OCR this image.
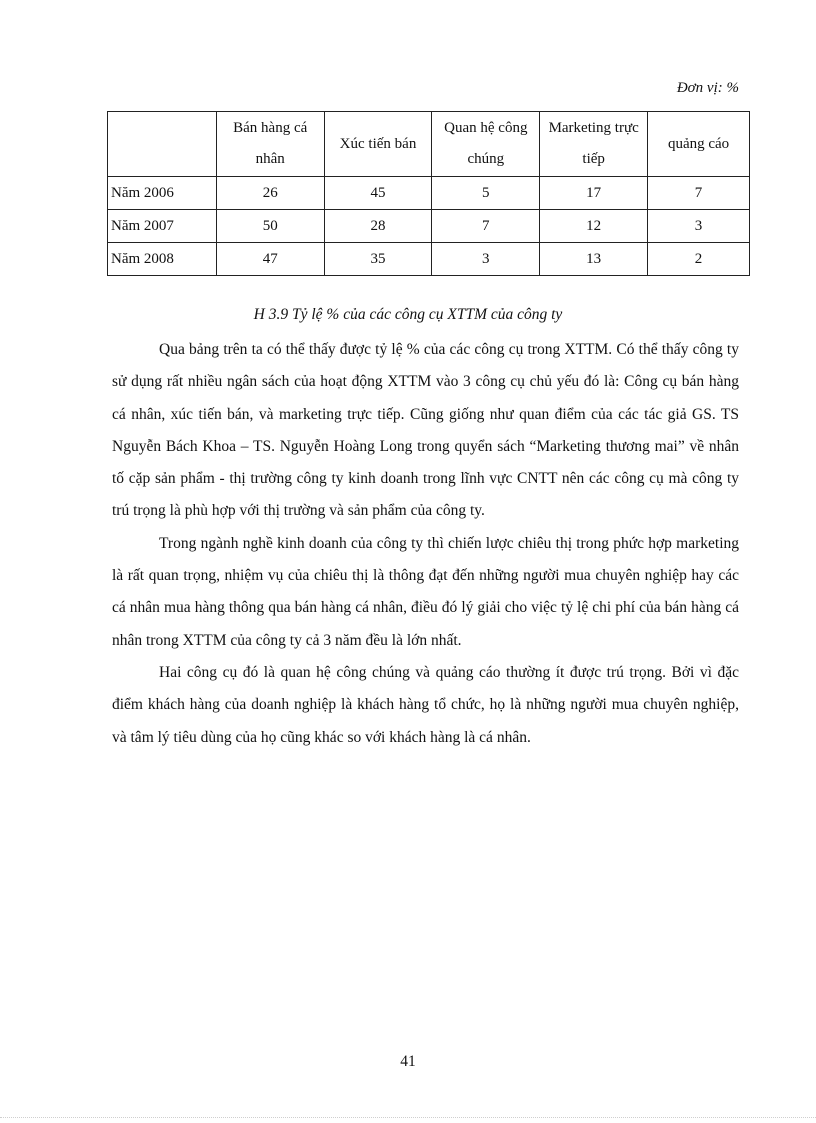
Đơn vị: %
	Bán hàng cá nhân	Xúc tiến bán	Quan hệ công chúng	Marketing trực tiếp	quảng cáo
Năm 2006	26	45	5	17	7
Năm 2007	50	28	7	12	3
Năm 2008	47	35	3	13	2
H 3.9 Tỷ lệ % của các công cụ XTTM của công ty

Qua bảng trên ta có thể thấy được tỷ lệ % của các công cụ trong XTTM. Có thể thấy công ty sử dụng rất nhiều ngân sách của hoạt động XTTM vào 3 công cụ chủ yếu đó là: Công cụ bán hàng cá nhân, xúc tiến bán, và marketing trực tiếp. Cũng giống như quan điểm của các tác giả GS. TS Nguyễn Bách Khoa – TS. Nguyễn Hoàng Long trong quyển sách “Marketing thương mai” về nhân tố cặp sản phẩm - thị trường công ty kinh doanh trong lĩnh vực CNTT nên các công cụ mà công ty trú trọng là phù hợp với thị trường và sản phẩm của công ty.

Trong ngành nghề kinh doanh của công ty thì chiến lược chiêu thị trong phức hợp marketing là rất quan trọng, nhiệm vụ của chiêu thị là thông đạt đến những người mua chuyên nghiệp hay các cá nhân mua hàng thông qua bán hàng cá nhân, điều đó lý giải cho việc tỷ lệ chi phí của bán hàng cá nhân trong XTTM của công ty cả 3 năm đều là lớn nhất.

Hai công cụ đó là quan hệ công chúng và quảng cáo thường ít được trú trọng. Bởi vì đặc điểm khách hàng của doanh nghiệp là khách hàng tổ chức, họ là những người mua chuyên nghiệp, và tâm lý tiêu dùng của họ cũng khác so với khách hàng là cá nhân.

41
